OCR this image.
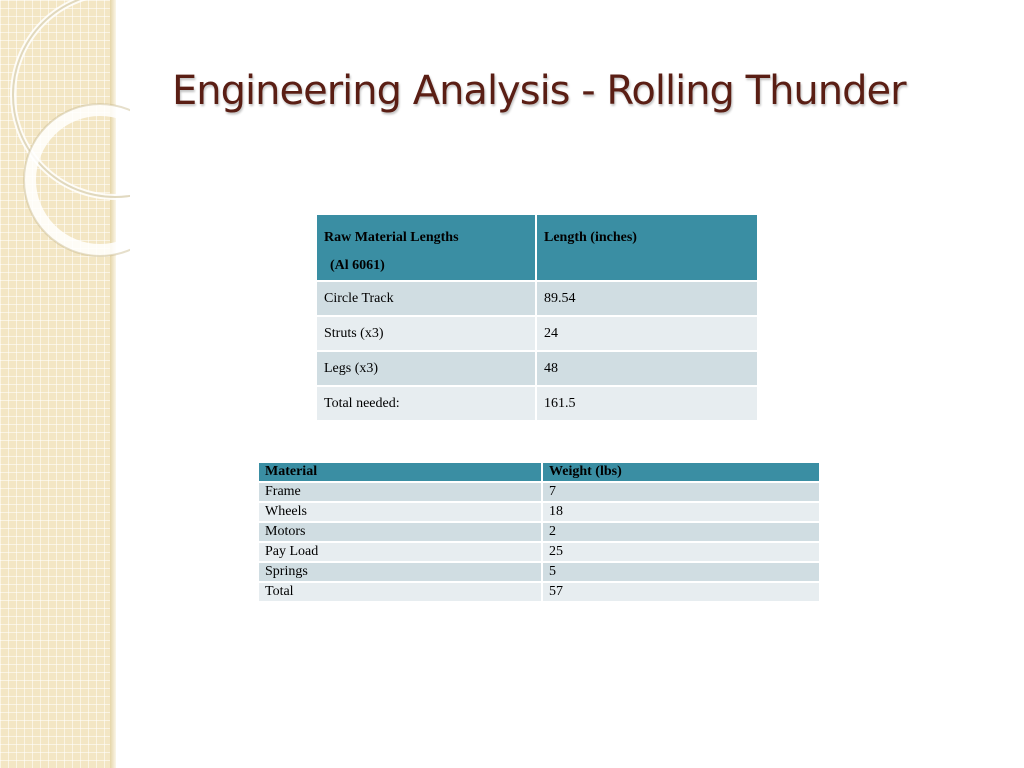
Engineering Analysis - Rolling Thunder
Raw Material Lengths
(Al 6061)	Length (inches)
Circle Track	89.54
Struts (x3)	24
Legs (x3)	48
Total needed:	161.5
Material	Weight (lbs)
Frame	7
Wheels	18
Motors	2
Pay Load	25
Springs	5
Total	57
